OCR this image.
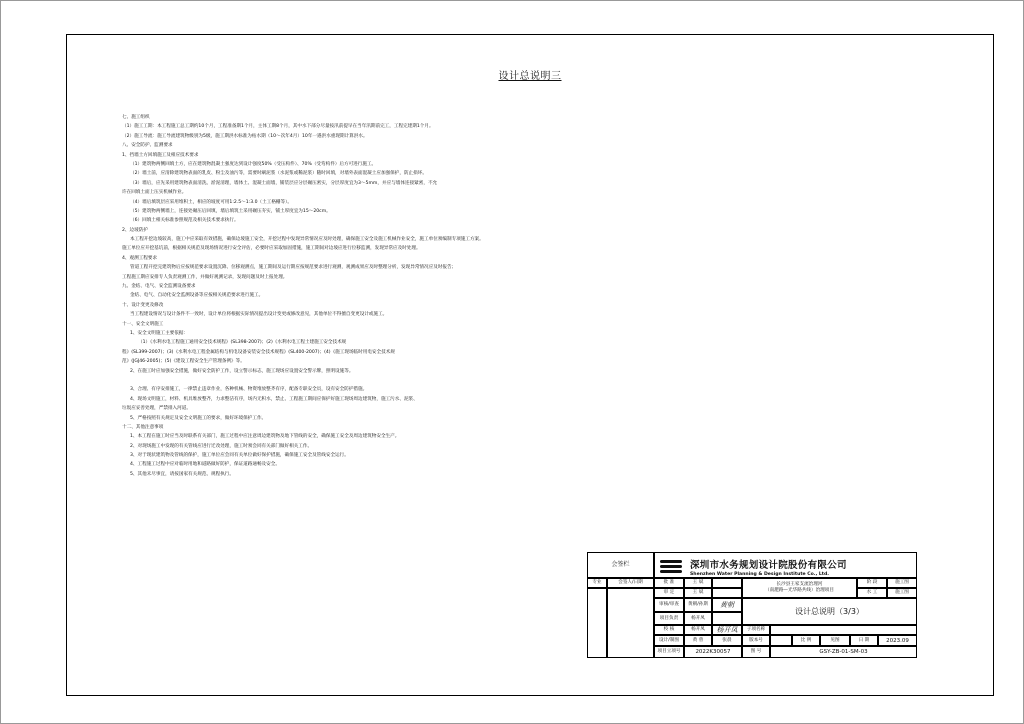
设计总说明三
七、施工组织
（1）施工工期：本工程施工总工期约10个月，工程准备期1个月，主体工期8个月，其中水下部分尽量按汛前提早在当年汛期前完工，工程完建期1个月。
（2）施工导流：施工导流建筑物级别为5级，施工期洪水标准为枯水期（10～次年4月）10年一遇洪水重现期计算洪水。
八、安全防护、监测要求
1、挡墙土方回填施工及相应技术要求
（1）建筑物两侧回填土方，应在建筑物混凝土强度达到设计强度50%（受压构件）、70%（受弯构件）后方可进行施工。
（2）墙土前，应清除建筑物表面的乳皮、粉尘及油污等，需要时刷泥浆（水泥浆或稀泥浆）随时回填，对墙外表面混凝土应加强保护，防止损坏。
（3）墙后，应先采用建筑物表面清洗、淤泥清理，墙体土、混凝土面墙，铺装层应分层碾压密实，分层厚度宜为3～5mm，并应与墙体连接紧密，不允
许在回填土面上压实机械作业。
（4）墙后填筑层应采用堆积土，相应的坡度可用1:2.5～1:3.0（土工格栅等）。
（5）建筑物两侧墙上，连接处碾压后回填，墙后填筑土采用碾压夯实，铺土厚度宜为15～20cm。
（6）回填土相关标准参照规范及相关技术要求执行。
2、边坡防护
本工程开挖边坡较高，施工中应采取有效措施，确保边坡施工安全，开挖过程中发现异常情况应及时处理，确保施工安全及施工机械作业安全，施工单位须编制专项施工方案。
施工单位应开挖基坑前，根据相关规范及现场情况进行安全评估，必要时应采取加固措施，施工期间对边坡应进行位移监测，发现异常应及时处理。
4、观测工程要求
管道工程开挖完建筑物后应按规范要求设置沉降、位移观测点，施工期间及运行期应按规范要求进行观测，观测成果应及时整理分析，发现异常情况应及时报告；
工程施工期应安排专人负责观测工作，并做好观测记录，发现问题及时上报处理。
九、金结、电气、安全监测设备要求
金结、电气、自动化安全监测设备等应按相关规范要求进行施工。
十、设计变更及修改
当工程建设情况与设计条件不一致时，设计单位将根据实际情况提出设计变更或修改意见，其他单位不得擅自变更设计或施工。
十一、安全文明施工
1、安全文明施工主要依据：
（1）《水利水电工程施工通用安全技术规程》(SL398-2007)；(2)《水利水电工程土建施工安全技术规
程》(SL399-2007)；(3)《水利水电工程金属结构与机电设备安装安全技术规程》(SL400-2007)；(4)《施工现场临时用电安全技术规
范》(JGJ46-2005)；(5)《建设工程安全生产管理条例》等。
2、在施工时应加强安全措施，做好安全防护工作，设立警示标志，施工现场应设置安全警示牌，照明设施等。
3、合理、有序安排施工，一律禁止违章作业，各种机械、物资堆放整齐有序，配备专职安全员，设有安全防护措施。
4、现场文明施工，材料、机具堆放整齐，力求整洁有序，场内无积水，禁止、工程施工期间应保护好施工现场周边建筑物，施工污水、泥浆、
垃圾应妥善处理，严禁排入河道。
5、严格按照有关规定及安全文明施工的要求，做好环境保护工作。
十二、其他注意事项
1、本工程在施工时应当及时联系有关部门，施工过程中应注意周边建筑物及地下管线的安全，确保施工安全及周边建筑物安全生产。
2、对现场施工中发现的有关管线应进行迁改处理，施工时须会同有关部门做好相关工作。
3、对于现状建筑物及管线的保护，施工单位应会同有关单位做好保护措施，确保施工安全及管线安全运行。
4、工程施工过程中应对临时用地和道路做好防护，保证道路通畅及安全。
5、其他未尽事宜，请按国家有关规范、规程执行。
会签栏
专业	会签人/日期
深圳市水务规划设计院股份有限公司
Shenzhen Water Planning & Design Institute Co., Ltd.
批 准	王 斌
审 定	王 斌
审核/审查	黄朝/孙斯	黄朝
项目负责	杨开凤
校 核	杨开凤	杨开凤
设计/制图	黄 曾	张晨
项目立项号	2022K30057
长沙县王家支流治理河
（南淝路—光华路共线）治理项目
阶 段	施工图
水 工	施工图
设计总说明（3/3）
子项名称
版本号	比 例	见图	日 期	2023.09
图 号	GSY-ZB-01-SM-03
